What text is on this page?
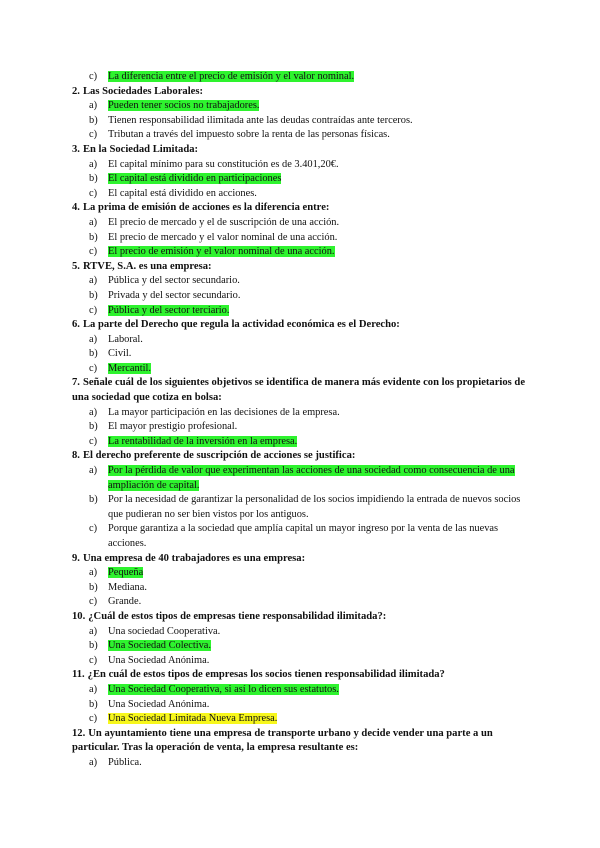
c)	La diferencia entre el precio de emisión y el valor nominal.
2. Las Sociedades Laborales:
a)	Pueden tener socios no trabajadores.
b) Tienen responsabilidad ilimitada ante las deudas contraídas ante terceros.
c)	Tributan a través del impuesto sobre la renta de las personas físicas.
3. En la Sociedad Limitada:
a)	El capital mínimo para su constitución es de 3.401,20€.
b) El capital está dividido en participaciones
c)	El capital está dividido en acciones.
4. La prima de emisión de acciones es la diferencia entre:
a)	El precio de mercado y el de suscripción de una acción.
b) El precio de mercado y el valor nominal de una acción.
c)	El precio de emisión y el valor nominal de una acción.
5. RTVE, S.A. es una empresa:
a)	Pública y del sector secundario.
b) Privada y del sector secundario.
c)	Pública y del sector terciario.
6. La parte del Derecho que regula la actividad económica es el Derecho:
a)	Laboral.
b) Civil.
c)	Mercantil.
7. Señale cuál de los siguientes objetivos se identifica de manera más evidente con los propietarios de una sociedad que cotiza en bolsa:
a)	La mayor participación en las decisiones de la empresa.
b) El mayor prestigio profesional.
c)	La rentabilidad de la inversión en la empresa.
8. El derecho preferente de suscripción de acciones se justifica:
a)	Por la pérdida de valor que experimentan las acciones de una sociedad como consecuencia de una ampliación de capital.
b) Por la necesidad de garantizar la personalidad de los socios impidiendo la entrada de nuevos socios que pudieran no ser bien vistos por los antiguos.
c)	Porque garantiza a la sociedad que amplía capital un mayor ingreso por la venta de las nuevas acciones.
9. Una empresa de 40 trabajadores es una empresa:
a)	Pequeña
b) Mediana.
c)	Grande.
10. ¿Cuál de estos tipos de empresas tiene responsabilidad ilimitada?:
a)	Una sociedad Cooperativa.
b) Una Sociedad Colectiva.
c)	Una Sociedad Anónima.
11. ¿En cuál de estos tipos de empresas los socios tienen responsabilidad ilimitada?
a)	Una Sociedad Cooperativa, si así lo dicen sus estatutos.
b) Una Sociedad Anónima.
c)	Una Sociedad Limitada Nueva Empresa.
12. Un ayuntamiento tiene una empresa de transporte urbano y decide vender una parte a un particular. Tras la operación de venta, la empresa resultante es:
a)	Pública.
